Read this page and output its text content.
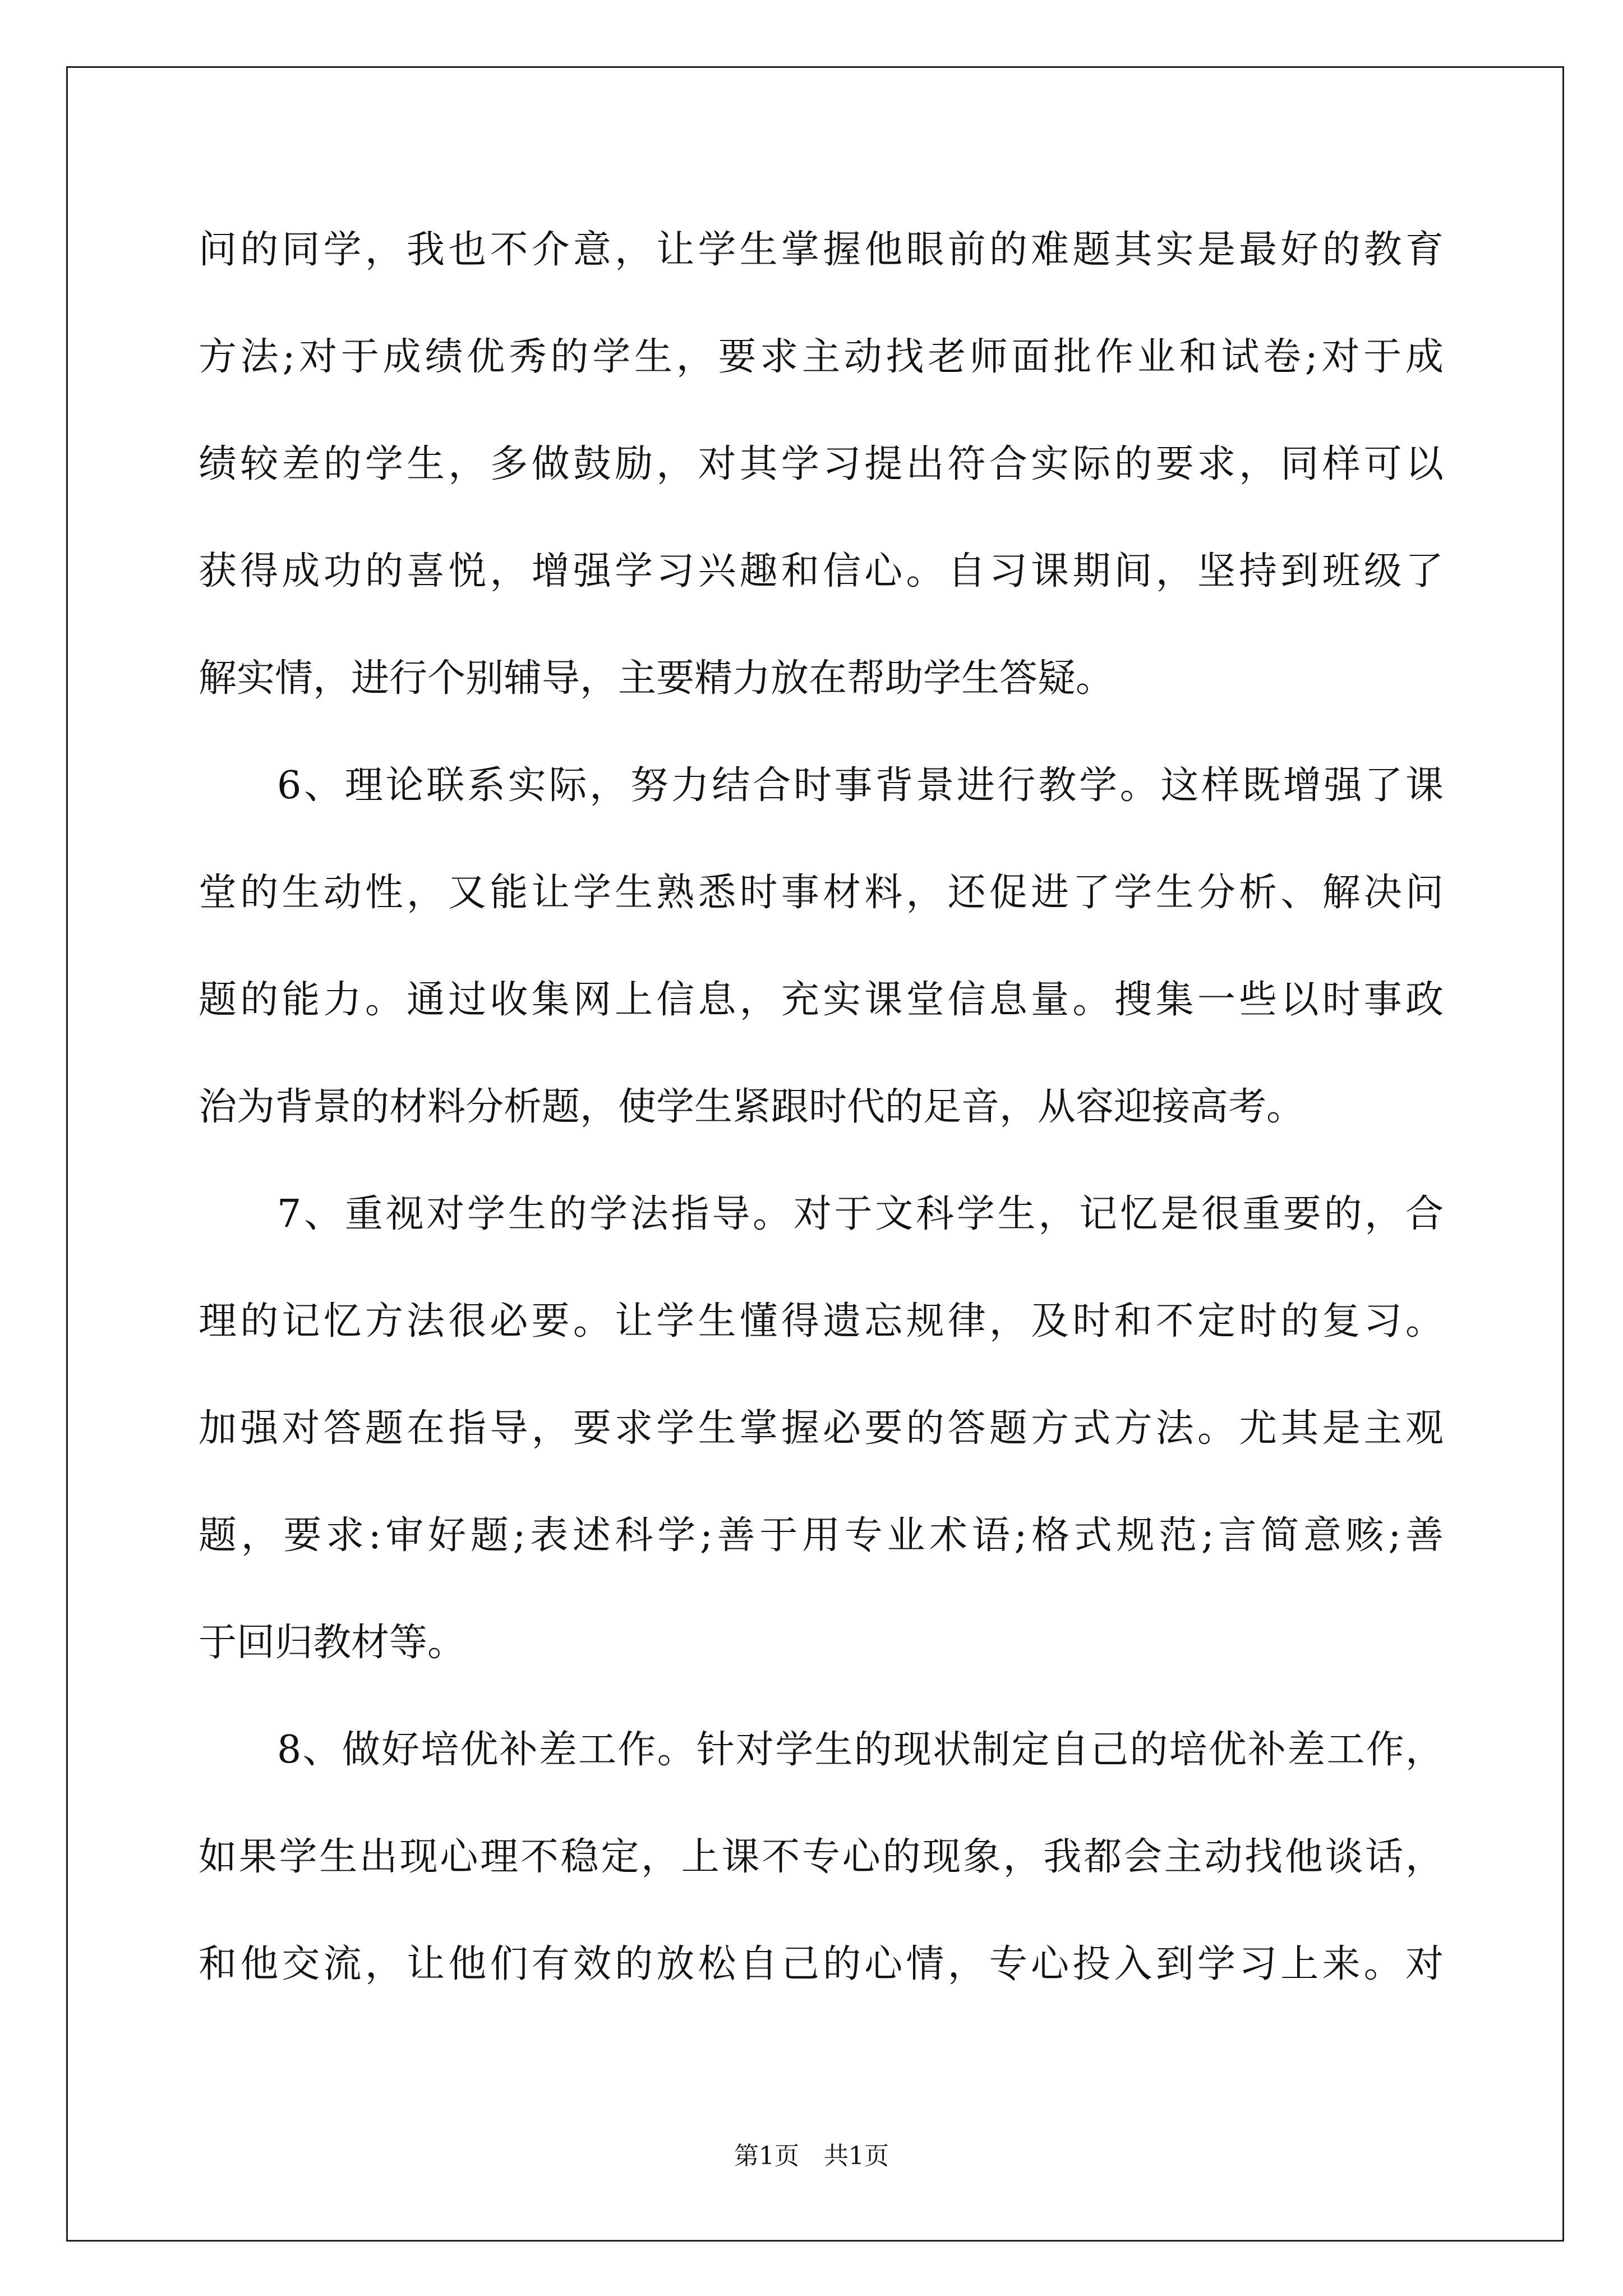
问的同学，我也不介意，让学生掌握他眼前的难题其实是最好的教育
方法;对于成绩优秀的学生，要求主动找老师面批作业和试卷;对于成
绩较差的学生，多做鼓励，对其学习提出符合实际的要求，同样可以
获得成功的喜悦，增强学习兴趣和信心。自习课期间，坚持到班级了
解实情，进行个别辅导，主要精力放在帮助学生答疑。
6、理论联系实际，努力结合时事背景进行教学。这样既增强了课
堂的生动性，又能让学生熟悉时事材料，还促进了学生分析、解决问
题的能力。通过收集网上信息，充实课堂信息量。搜集一些以时事政
治为背景的材料分析题，使学生紧跟时代的足音，从容迎接高考。
7、重视对学生的学法指导。对于文科学生，记忆是很重要的，合
理的记忆方法很必要。让学生懂得遗忘规律，及时和不定时的复习。
加强对答题在指导，要求学生掌握必要的答题方式方法。尤其是主观
题，要求:审好题;表述科学;善于用专业术语;格式规范;言简意赅;善
于回归教材等。
8、做好培优补差工作。针对学生的现状制定自己的培优补差工作，
如果学生出现心理不稳定，上课不专心的现象，我都会主动找他谈话，
和他交流，让他们有效的放松自己的心情，专心投入到学习上来。对
第1页 共1页
